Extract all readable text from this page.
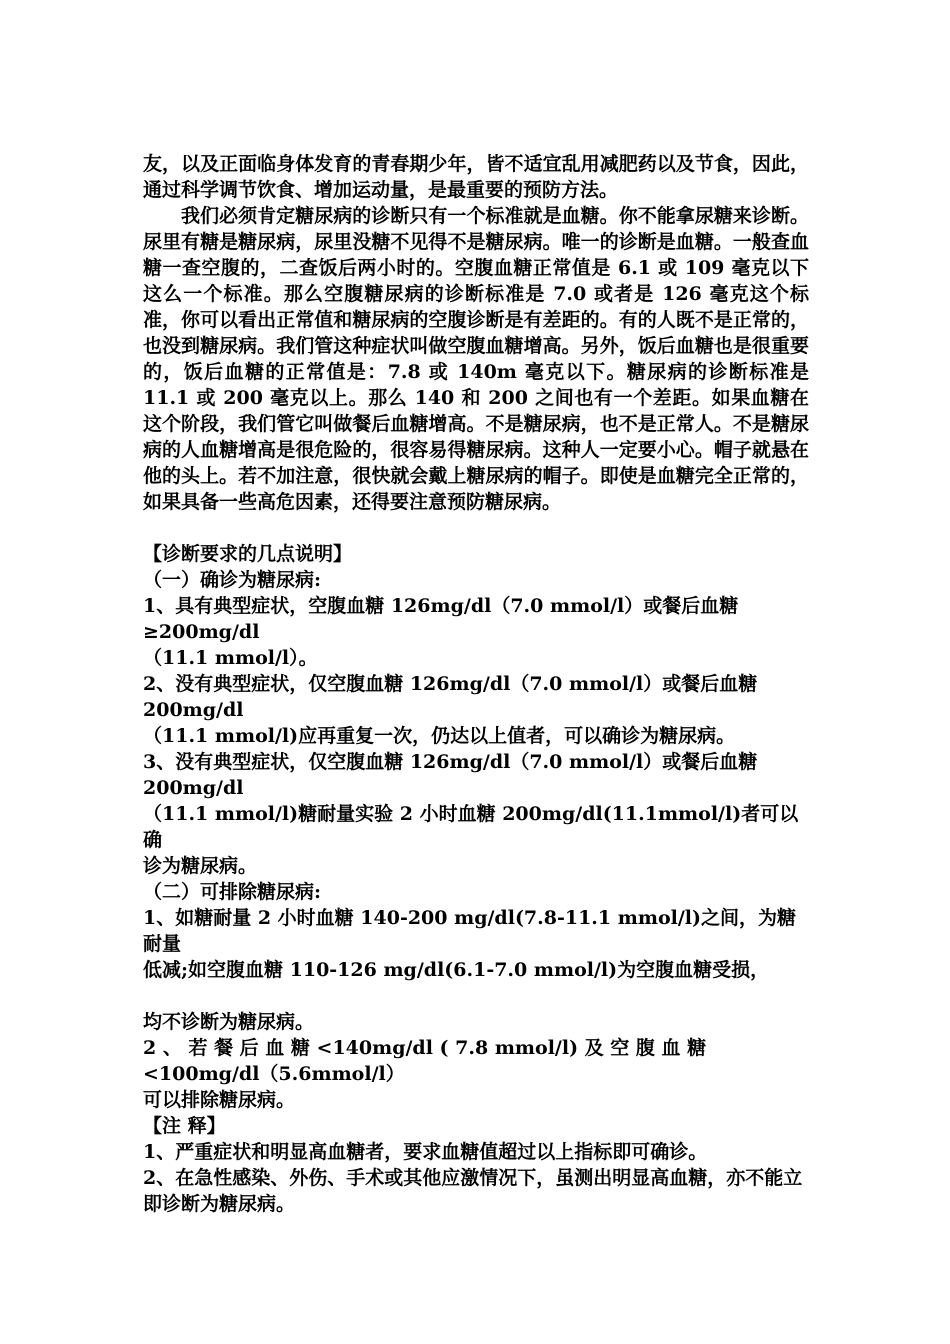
友，以及正面临身体发育的青春期少年，皆不适宜乱用减肥药以及节食，因此，通过科学调节饮食、增加运动量，是最重要的预防方法。

我们必须肯定糖尿病的诊断只有一个标准就是血糖。你不能拿尿糖来诊断。尿里有糖是糖尿病，尿里没糖不见得不是糖尿病。唯一的诊断是血糖。一般查血糖一查空腹的，二查饭后两小时的。空腹血糖正常值是 6.1 或 109 毫克以下这么一个标准。那么空腹糖尿病的诊断标准是 7.0 或者是 126 毫克这个标准，你可以看出正常值和糖尿病的空腹诊断是有差距的。有的人既不是正常的，也没到糖尿病。我们管这种症状叫做空腹血糖增高。另外，饭后血糖也是很重要的，饭后血糖的正常值是：7.8 或 140m 毫克以下。糖尿病的诊断标准是 11.1 或 200 毫克以上。那么 140 和 200 之间也有一个差距。如果血糖在这个阶段，我们管它叫做餐后血糖增高。不是糖尿病，也不是正常人。不是糖尿病的人血糖增高是很危险的，很容易得糖尿病。这种人一定要小心。帽子就悬在他的头上。若不加注意，很快就会戴上糖尿病的帽子。即使是血糖完全正常的，如果具备一些高危因素，还得要注意预防糖尿病。

【诊断要求的几点说明】

（一）确诊为糖尿病:

1、具有典型症状，空腹血糖 126mg/dl（7.0 mmol/l）或餐后血糖≥200mg/dl

（11.1 mmol/l）。

2、没有典型症状，仅空腹血糖 126mg/dl（7.0 mmol/l）或餐后血糖 200mg/dl

（11.1 mmol/l)应再重复一次，仍达以上值者，可以确诊为糖尿病。

3、没有典型症状，仅空腹血糖 126mg/dl（7.0 mmol/l）或餐后血糖 200mg/dl

（11.1 mmol/l)糖耐量实验 2 小时血糖 200mg/dl(11.1mmol/l)者可以确

诊为糖尿病。

（二）可排除糖尿病:

1、如糖耐量 2 小时血糖 140-200 mg/dl(7.8-11.1 mmol/l)之间，为糖耐量

低减;如空腹血糖 110-126 mg/dl(6.1-7.0 mmol/l)为空腹血糖受损，

均不诊断为糖尿病。

2 、 若 餐 后 血 糖 <140mg/dl ( 7.8 mmol/l) 及 空 腹 血 糖<100mg/dl（5.6mmol/l）

可以排除糖尿病。

【注 释】

1、严重症状和明显高血糖者，要求血糖值超过以上指标即可确诊。

2、在急性感染、外伤、手术或其他应激情况下，虽测出明显高血糖，亦不能立

即诊断为糖尿病。
